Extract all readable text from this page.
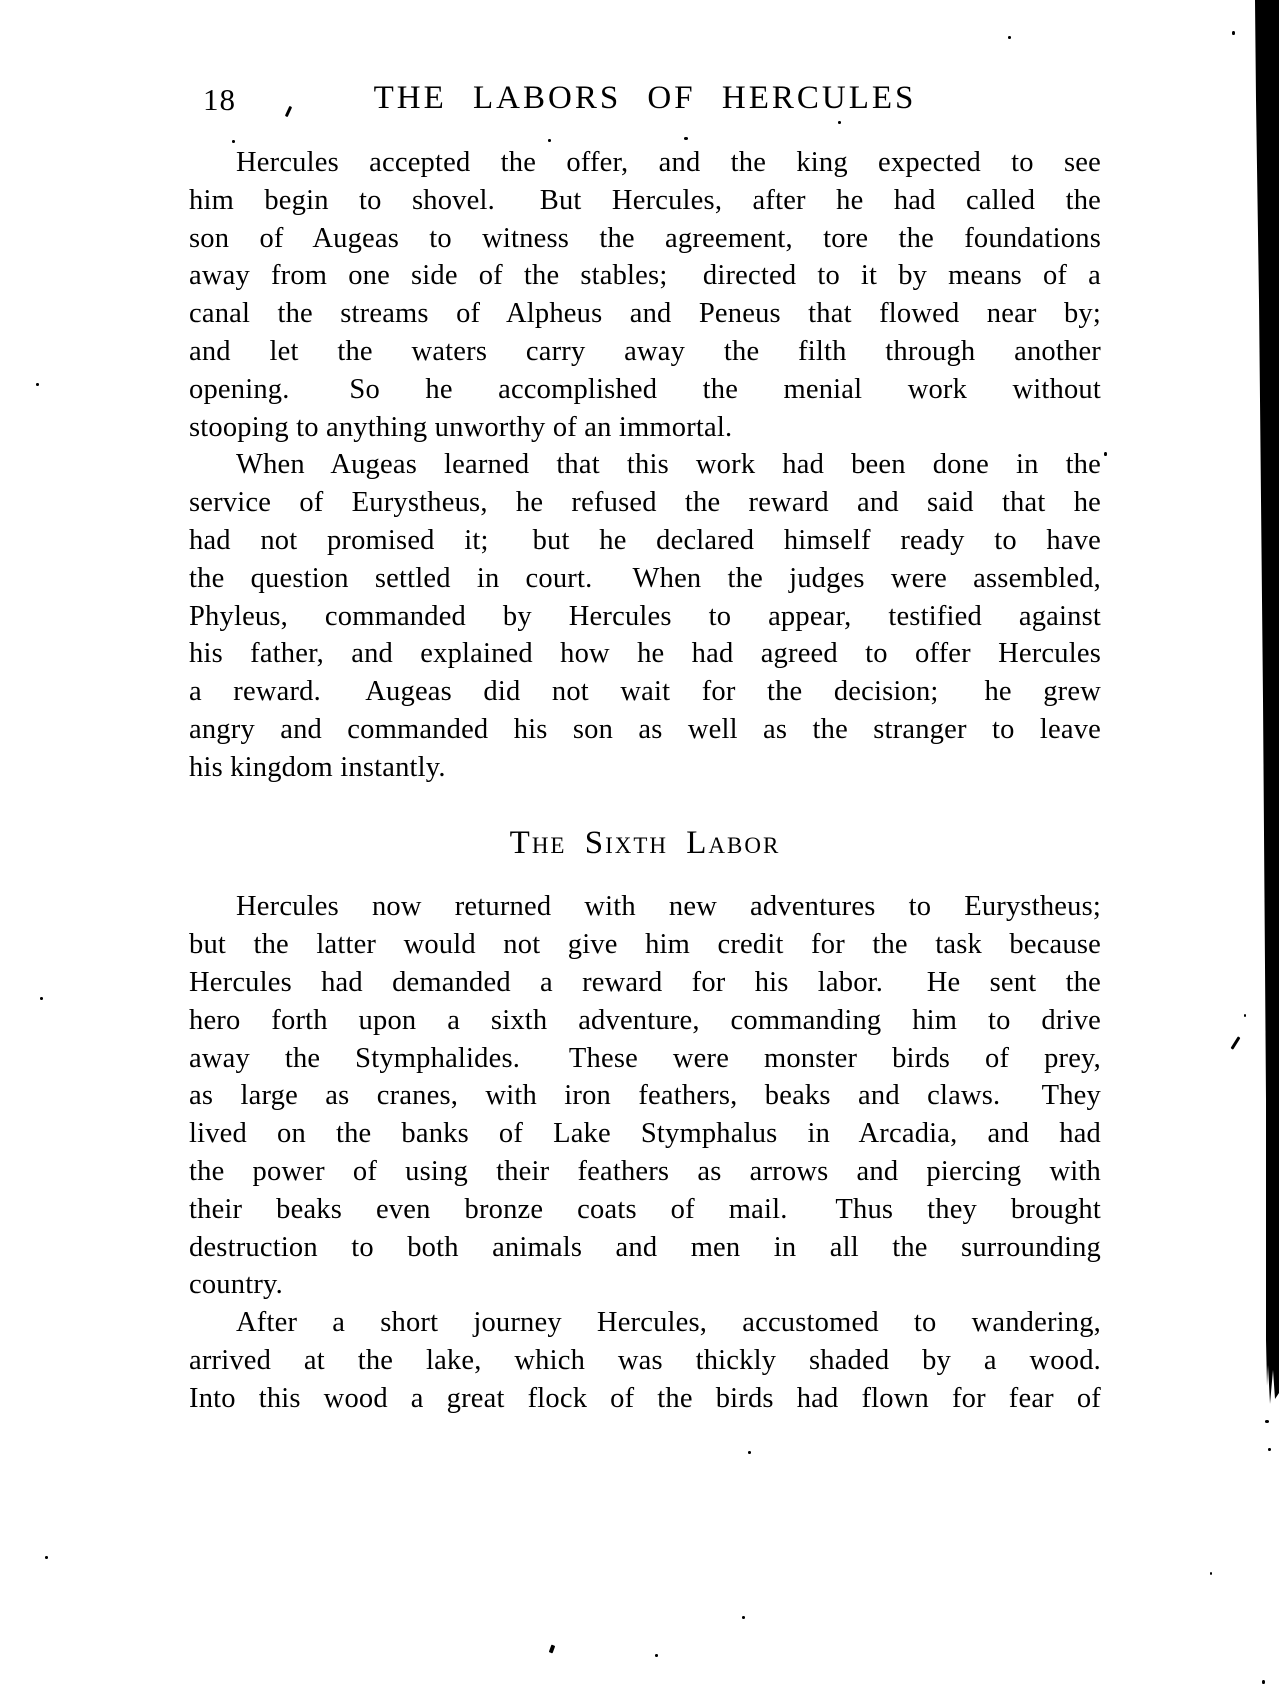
18	THE LABORS OF HERCULES
Hercules accepted the offer, and the king expected to see
him begin to shovel.  But Hercules, after he had called the
son of Augeas to witness the agreement, tore the foundations
away from one side of the stables;  directed to it by means of a
canal the streams of Alpheus and Peneus that flowed near by;
and let the waters carry away the filth through another
opening.  So he accomplished the menial work without
stooping to anything unworthy of an immortal.
When Augeas learned that this work had been done in the
service of Eurystheus, he refused the reward and said that he
had not promised it;  but he declared himself ready to have
the question settled in court.  When the judges were assembled,
Phyleus, commanded by Hercules to appear, testified against
his father, and explained how he had agreed to offer Hercules
a reward.  Augeas did not wait for the decision;  he grew
angry and commanded his son as well as the stranger to leave
his kingdom instantly.
The Sixth Labor
Hercules now returned with new adventures to Eurystheus;
but the latter would not give him credit for the task because
Hercules had demanded a reward for his labor.  He sent the
hero forth upon a sixth adventure, commanding him to drive
away the Stymphalides.  These were monster birds of prey,
as large as cranes, with iron feathers, beaks and claws.  They
lived on the banks of Lake Stymphalus in Arcadia, and had
the power of using their feathers as arrows and piercing with
their beaks even bronze coats of mail.  Thus they brought
destruction to both animals and men in all the surrounding
country.
After a short journey Hercules, accustomed to wandering,
arrived at the lake, which was thickly shaded by a wood.
Into this wood a great flock of the birds had flown for fear of
